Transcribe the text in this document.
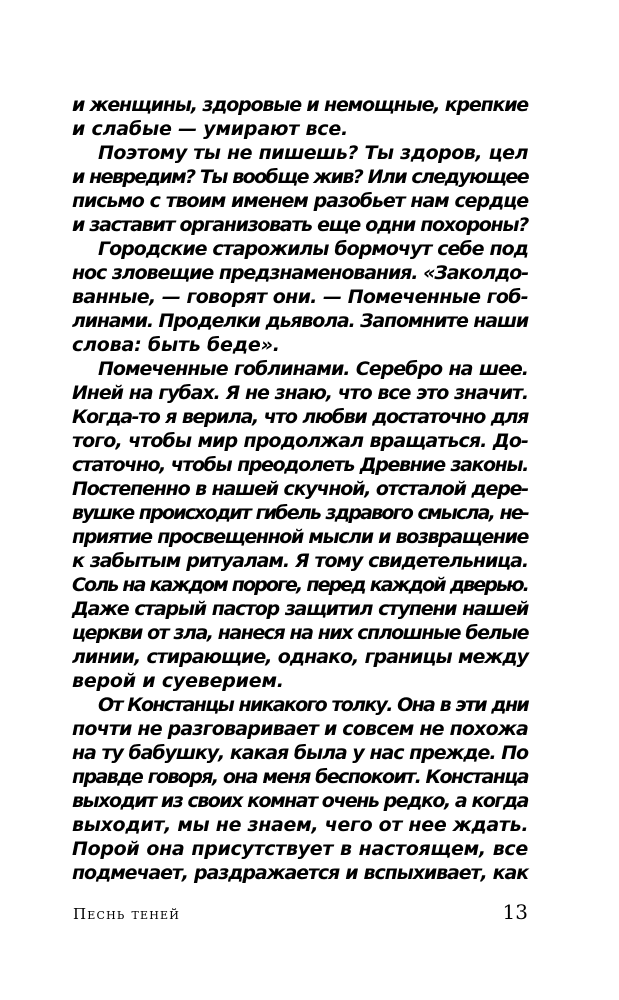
и женщины, здоровые и немощные, крепкие
и слабые — умирают все.
Поэтому ты не пишешь? Ты здоров, цел
и невредим? Ты вообще жив? Или следующее
письмо с твоим именем разобьет нам сердце
и заставит организовать еще одни похороны?
Городские старожилы бормочут себе под
нос зловещие предзнаменования. «Заколдо-
ванные, — говорят они. — Помеченные гоб-
линами. Проделки дьявола. Запомните наши
слова: быть беде».
Помеченные гоблинами. Серебро на шее.
Иней на губах. Я не знаю, что все это значит.
Когда-то я верила, что любви достаточно для
того, чтобы мир продолжал вращаться. До-
статочно, чтобы преодолеть Древние законы.
Постепенно в нашей скучной, отсталой дере-
вушке происходит гибель здравого смысла, не-
приятие просвещенной мысли и возвращение
к забытым ритуалам. Я тому свидетельница.
Соль на каждом пороге, перед каждой дверью.
Даже старый пастор защитил ступени нашей
церкви от зла, нанеся на них сплошные белые
линии, стирающие, однако, границы между
верой и суеверием.
От Констанцы никакого толку. Она в эти дни
почти не разговаривает и совсем не похожа
на ту бабушку, какая была у нас прежде. По
правде говоря, она меня беспокоит. Констанца
выходит из своих комнат очень редко, а когда
выходит, мы не знаем, чего от нее ждать.
Порой она присутствует в настоящем, все
подмечает, раздражается и вспыхивает, как
Песнь теней	13
